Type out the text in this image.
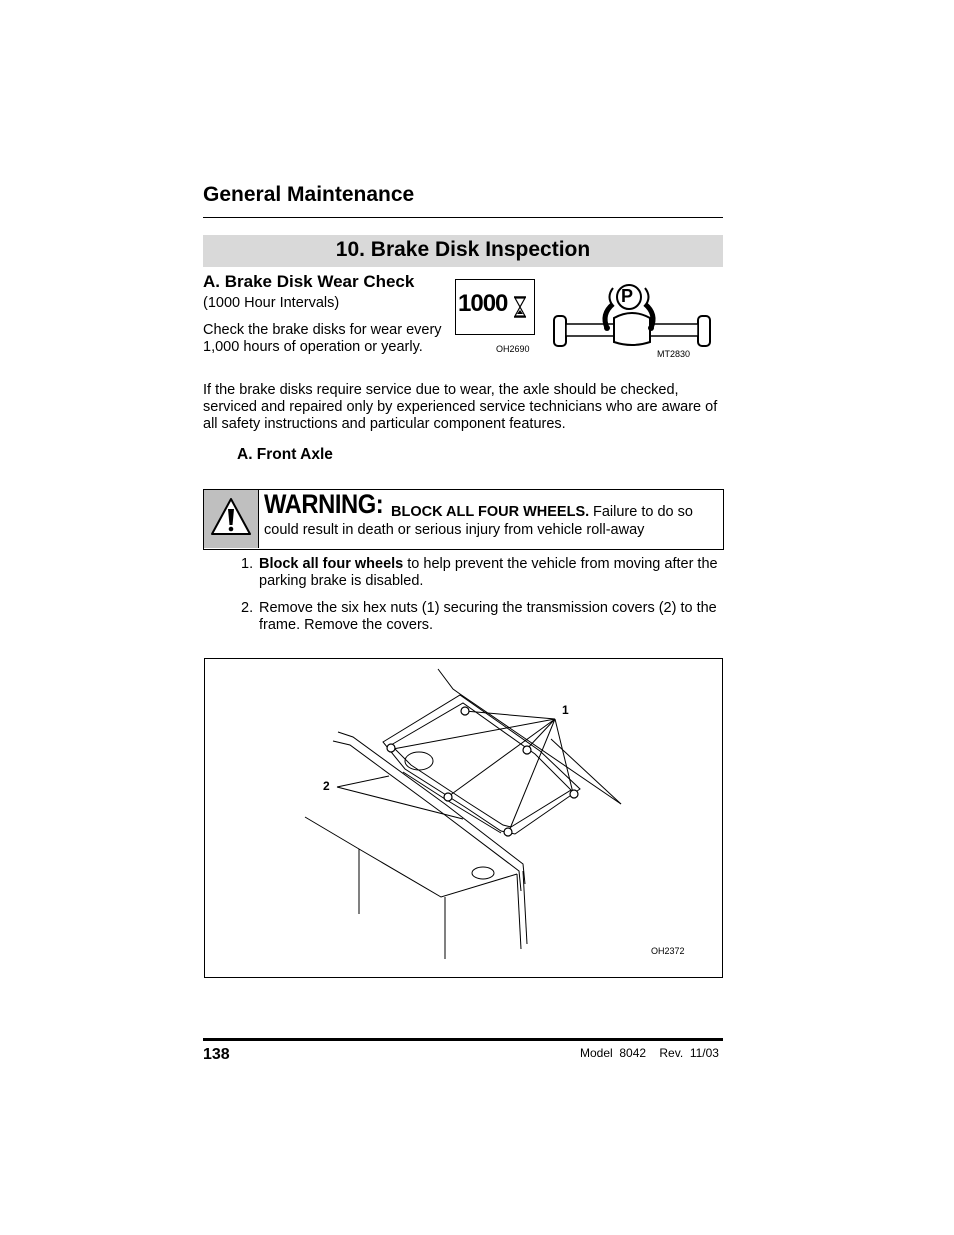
General Maintenance
10. Brake Disk Inspection
A. Brake Disk Wear Check
(1000 Hour Intervals)
Check the brake disks for wear every 1,000 hours of operation or yearly.
1000
OH2690
P
MT2830
If the brake disks require service due to wear, the axle should be checked, serviced and repaired only by experienced service technicians who are aware of all safety instructions and particular component features.
A. Front Axle
WARNING: BLOCK ALL FOUR WHEELS. Failure to do so
could result in death or serious injury from vehicle roll-away
1. Block all four wheels to help prevent the vehicle from moving after the parking brake is disabled.
2. Remove the six hex nuts (1) securing the transmission covers (2) to the frame. Remove the covers.
1
2
OH2372
138	Model  8042    Rev.  11/03
